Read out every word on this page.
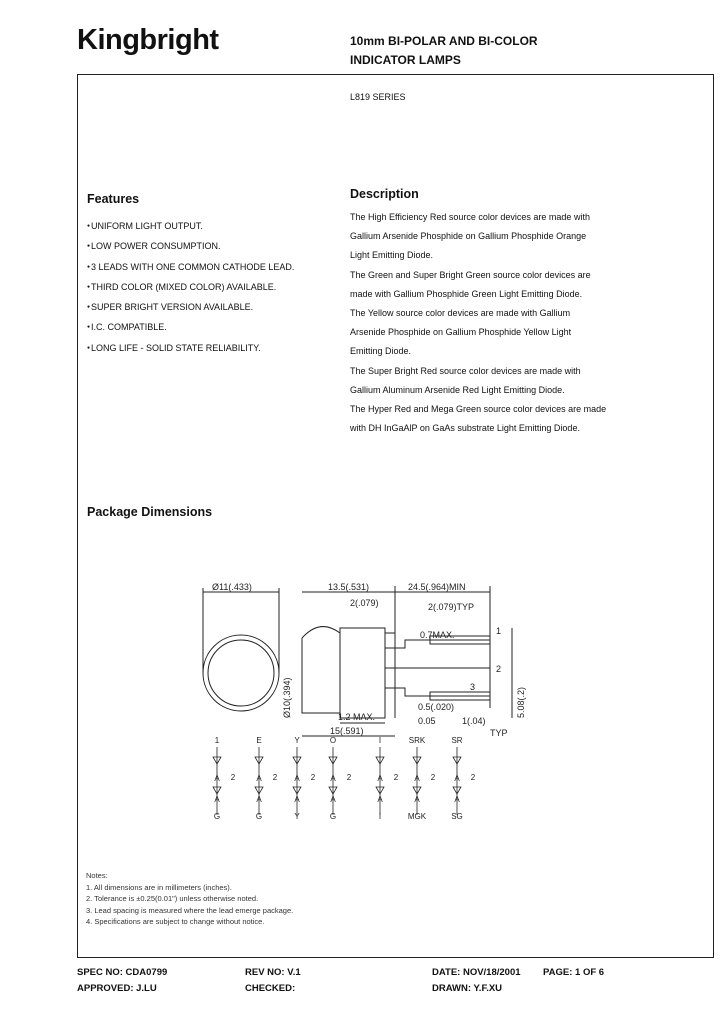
Kingbright	10mm BI-POLAR AND BI-COLOR
INDICATOR LAMPS
L819 SERIES
Features
● UNIFORM LIGHT OUTPUT.
● LOW POWER CONSUMPTION.
● 3 LEADS WITH ONE COMMON CATHODE LEAD.
● THIRD COLOR (MIXED COLOR) AVAILABLE.
● SUPER BRIGHT VERSION AVAILABLE.
● I.C. COMPATIBLE.
● LONG LIFE - SOLID STATE RELIABILITY.
Description

The High Efficiency Red source color devices are made with

Gallium Arsenide Phosphide on Gallium Phosphide Orange

Light Emitting Diode.

The Green and Super Bright Green source color devices are

made with Gallium Phosphide Green Light Emitting Diode.

The Yellow source color devices are made with Gallium

Arsenide Phosphide on Gallium Phosphide Yellow Light

Emitting Diode.

The Super Bright Red source color devices are made with

Gallium Aluminum Arsenide Red Light Emitting Diode.

The Hyper Red and Mega Green source color devices are made

with DH InGaAlP on GaAs substrate Light Emitting Diode.

Package Dimensions
Ø11(.433)	13.5(.531)	24.5(.964)MIN
2(.079)	2(.079)TYP
0.7MAX.	1
2
3
Ø10(.394)	5.08(.2)
1.2 MAX.
15(.591)
0.5(.020)
0.05	1(.04)
TYP
1
A 2
A
G
E
A 2
A
G
Y
A 2
A
Y
O
A 2
A
G
I
A 2
A
I
SRK
A 2
A
MGK
SR
A 2
A
SG
Notes:
1. All dimensions are in millimeters (inches).
2. Tolerance is ±0.25(0.01") unless otherwise noted.
3. Lead spacing is measured where the lead emerge package.
4. Specifications are subject to change without notice.
SPEC NO: CDA0799	REV NO: V.1	DATE: NOV/18/2001 PAGE: 1 OF 6
APPROVED: J.LU	CHECKED:	DRAWN: Y.F.XU
